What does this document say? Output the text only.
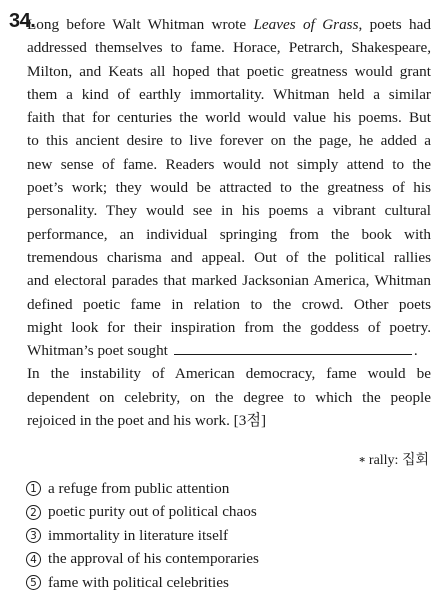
34.
Long before Walt Whitman wrote Leaves of Grass, poets had
addressed themselves to fame. Horace, Petrarch, Shakespeare,
Milton, and Keats all hoped that poetic greatness would grant
them a kind of earthly immortality. Whitman held a similar
faith that for centuries the world would value his poems. But
to this ancient desire to live forever on the page, he added a
new sense of fame. Readers would not simply attend to the
poet’s work; they would be attracted to the greatness of his
personality. They would see in his poems a vibrant cultural
performance, an individual springing from the book with
tremendous charisma and appeal. Out of the political rallies
and electoral parades that marked Jacksonian America, Whitman
defined poetic fame in relation to the crowd. Other poets
might look for their inspiration from the goddess of poetry.
Whitman’s poet sought	.
In the instability of American democracy, fame would be
dependent on celebrity, on the degree to which the people
rejoiced in the poet and his work. [3점]
∗ rally: 집회
1 a refuge from public attention
2 poetic purity out of political chaos
3 immortality in literature itself
4 the approval of his contemporaries
5 fame with political celebrities
